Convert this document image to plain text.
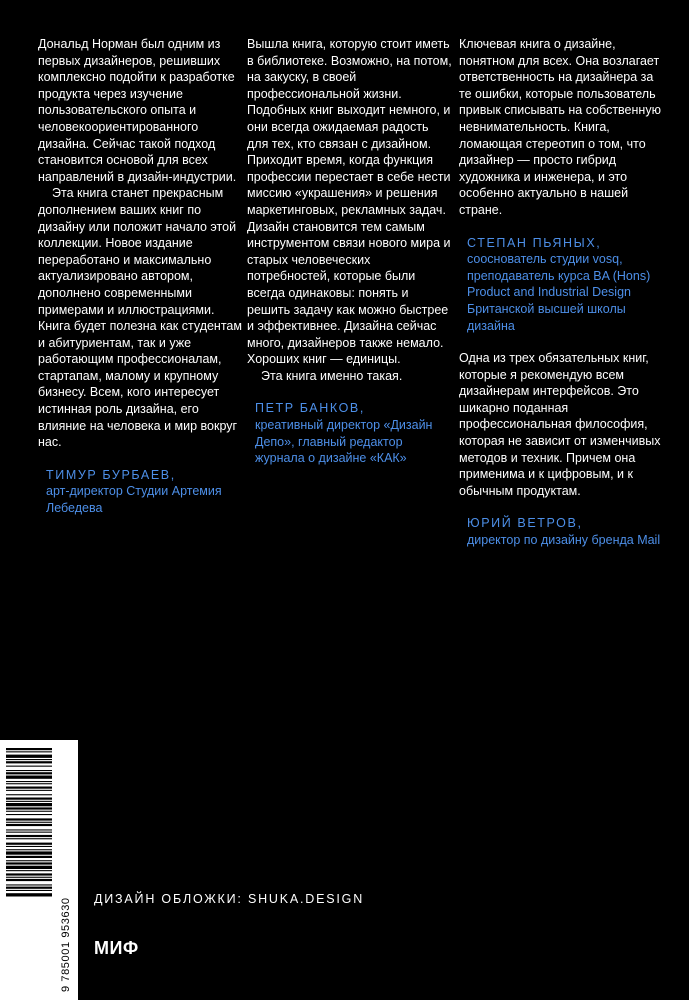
Дональд Норман был одним из первых дизайнеров, решивших комплексно подойти к разработке продукта через изучение пользовательского опыта и человекоориентированного дизайна. Сейчас такой подход становится основой для всех направлений в дизайн-индустрии.

Эта книга станет прекрасным дополнением ваших книг по дизайну или положит начало этой коллекции. Новое издание переработано и максимально актуализировано автором, дополнено современными примерами и иллюстрациями. Книга будет полезна как студентам и абитуриентам, так и уже работающим профессионалам, стартапам, малому и крупному бизнесу. Всем, кого интересует истинная роль дизайна, его влияние на человека и мир вокруг нас.

ТИМУР БУРБАЕВ,
арт-директор Студии Артемия Лебедева

Вышла книга, которую стоит иметь в библиотеке. Возможно, на потом, на закуску, в своей профессиональной жизни. Подобных книг выходит немного, и они всегда ожидаемая радость для тех, кто связан с дизайном. Приходит время, когда функция профессии перестает в себе нести миссию «украшения» и решения маркетинговых, рекламных задач. Дизайн становится тем самым инструментом связи нового мира и старых человеческих потребностей, которые были всегда одинаковы: понять и решить задачу как можно быстрее и эффективнее. Дизайна сейчас много, дизайнеров также немало. Хороших книг — единицы.

Эта книга именно такая.

ПЕТР БАНКОВ,
креативный директор «Дизайн Депо», главный редактор журнала о дизайне «КАК»

Ключевая книга о дизайне, понятном для всех. Она возлагает ответственность на дизайнера за те ошибки, которые пользователь привык списывать на собственную невнимательность. Книга, ломающая стереотип о том, что дизайнер — просто гибрид художника и инженера, и это особенно актуально в нашей стране.

СТЕПАН ПЬЯНЫХ,
сооснователь студии vosq, преподаватель курса BA (Hons) Product and Industrial Design Британской высшей школы дизайна

Одна из трех обязательных книг, которые я рекомендую всем дизайнерам интерфейсов. Это шикарно поданная профессиональная философия, которая не зависит от изменчивых методов и техник. Причем она применима и к цифровым, и к обычным продуктам.

ЮРИЙ ВЕТРОВ,
директор по дизайну бренда Mail
9 785001 953630	ДИЗАЙН ОБЛОЖКИ: SHUKA.DESIGN
МИФ
